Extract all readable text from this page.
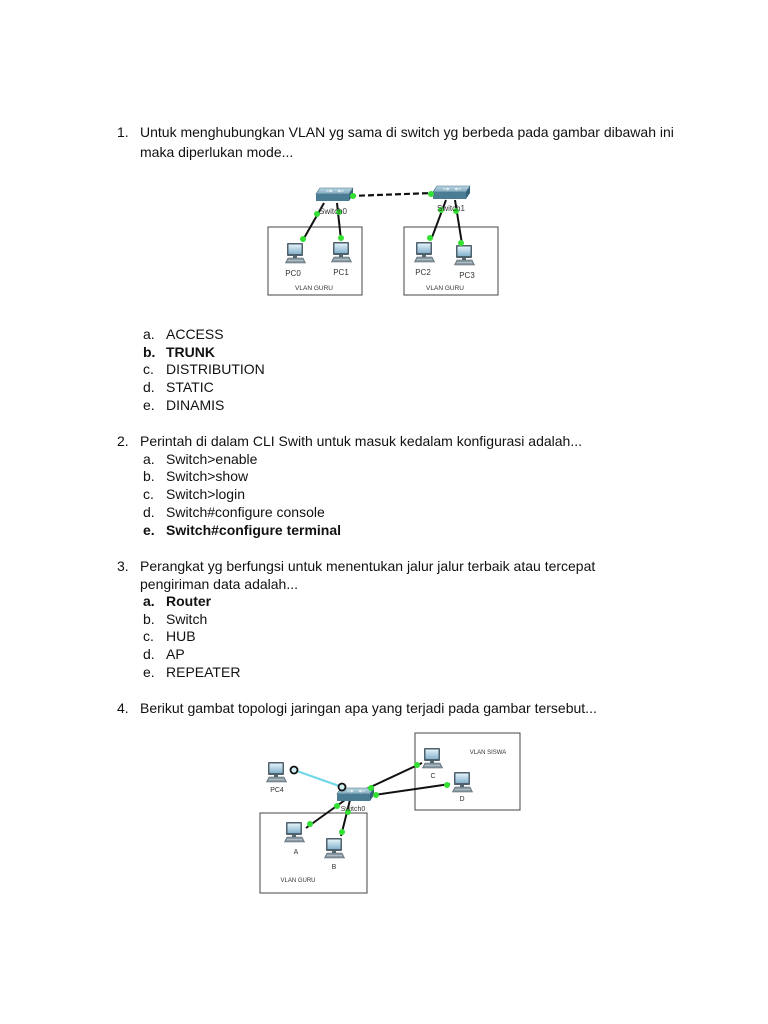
1. Untuk menghubungkan VLAN yg sama di switch yg berbeda pada gambar dibawah ini
maka diperlukan mode...
Switch0	Switch1
PC0	PC1	PC2	PC3
VLAN GURU	VLAN GURU
a. ACCESS
b. TRUNK
c. DISTRIBUTION
d. STATIC
e. DINAMIS
2. Perintah di dalam CLI Swith untuk masuk kedalam konfigurasi adalah...
a. Switch>enable
b. Switch>show
c. Switch>login
d. Switch#configure console
e. Switch#configure terminal
3. Perangkat yg berfungsi untuk menentukan jalur jalur terbaik atau tercepat
pengiriman data adalah...
a. Router
b. Switch
c. HUB
d. AP
e. REPEATER
4. Berikut gambat topologi jaringan apa yang terjadi pada gambar tersebut...
Switch0
PC4
VLAN SISWA
C
D
A
B
VLAN GURU
